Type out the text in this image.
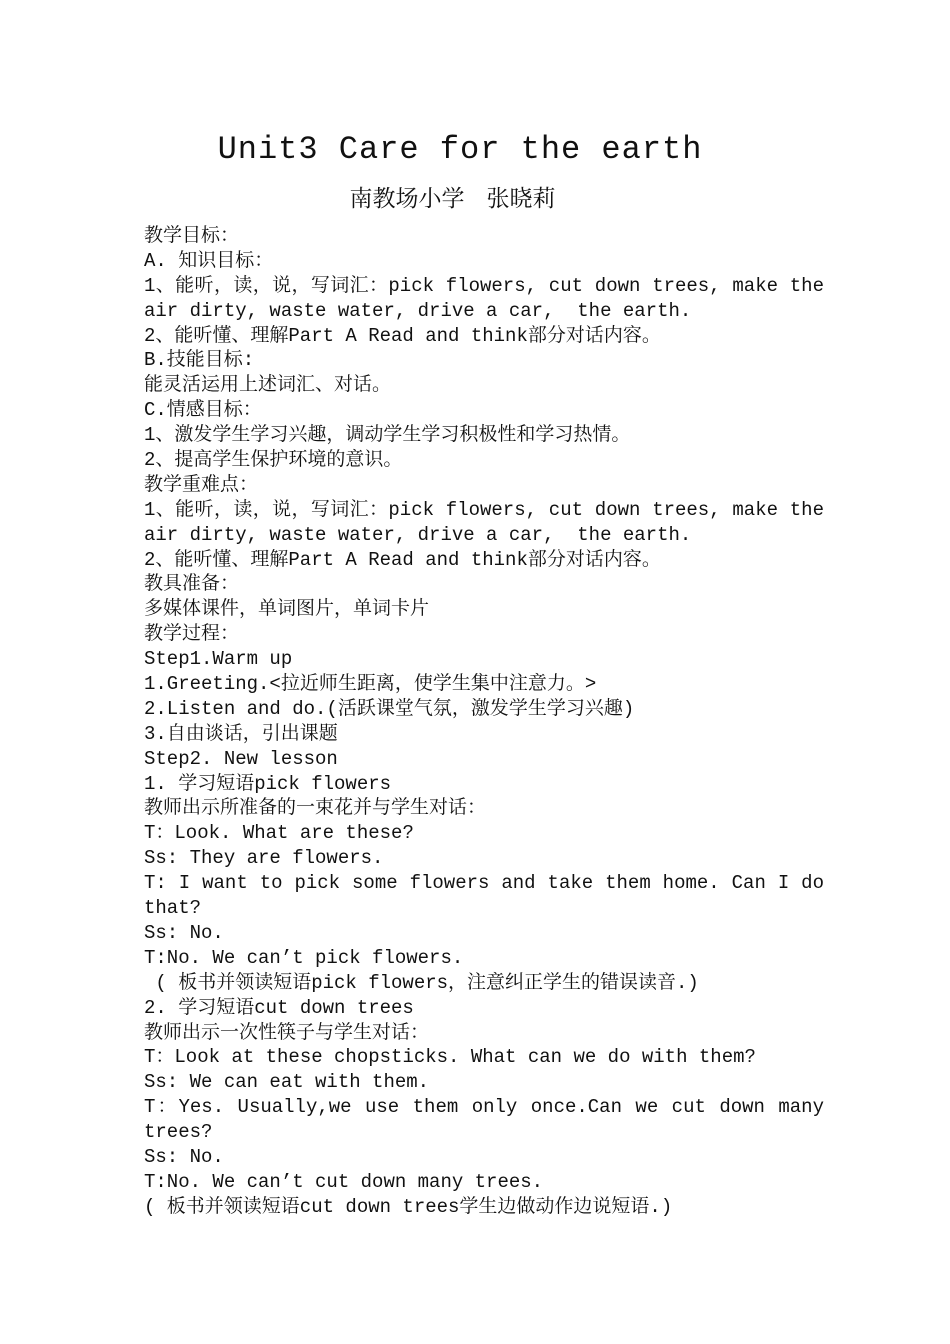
Unit3 Care for the earth
南教场小学   张晓莉
教学目标：
A. 知识目标：
1、能听，读，说，写词汇：pick flowers, cut down trees, make the
air dirty, waste water, drive a car,  the earth.
2、能听懂、理解Part A Read and think部分对话内容。
B.技能目标:
能灵活运用上述词汇、对话。
C.情感目标：
1、激发学生学习兴趣，调动学生学习积极性和学习热情。
2、提高学生保护环境的意识。
教学重难点：
1、能听，读，说，写词汇：pick flowers, cut down trees, make the
air dirty, waste water, drive a car,  the earth.
2、能听懂、理解Part A Read and think部分对话内容。
教具准备：
多媒体课件，单词图片，单词卡片
教学过程：
Step1.Warm up
1.Greeting.<拉近师生距离，使学生集中注意力。>
2.Listen and do.(活跃课堂气氛，激发学生学习兴趣)
3.自由谈话，引出课题
Step2. New lesson
1. 学习短语pick flowers
教师出示所准备的一束花并与学生对话：
T：Look. What are these?
Ss: They are flowers.
T: I want to pick some flowers and take them home. Can I do
that?
Ss: No.
T:No. We can’t pick flowers.
( 板书并领读短语pick flowers，注意纠正学生的错误读音.)
2. 学习短语cut down trees
教师出示一次性筷子与学生对话：
T：Look at these chopsticks. What can we do with them?
Ss: We can eat with them.
T：Yes. Usually,we use them only once.Can we cut down many
trees?
Ss: No.
T:No. We can’t cut down many trees.
( 板书并领读短语cut down trees学生边做动作边说短语.)
